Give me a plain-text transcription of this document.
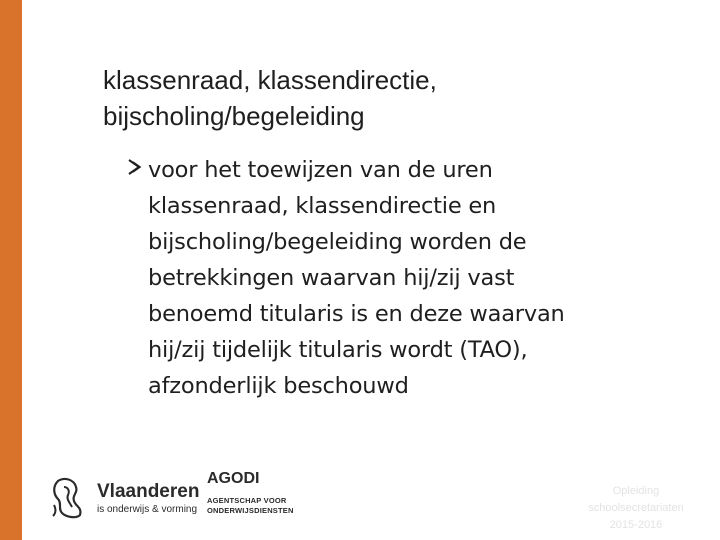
klassenraad, klassendirectie,
bijscholing/begeleiding
voor het toewijzen van de uren
klassenraad, klassendirectie en
bijscholing/begeleiding worden de
betrekkingen waarvan hij/zij vast
benoemd titularis is en deze waarvan
hij/zij tijdelijk titularis wordt (TAO),
afzonderlijk beschouwd
Vlaanderen
is onderwijs & vorming
AGODI
AGENTSCHAP VOOR
ONDERWIJSDIENSTEN
Opleiding
schoolsecretariaten
2015-2016
